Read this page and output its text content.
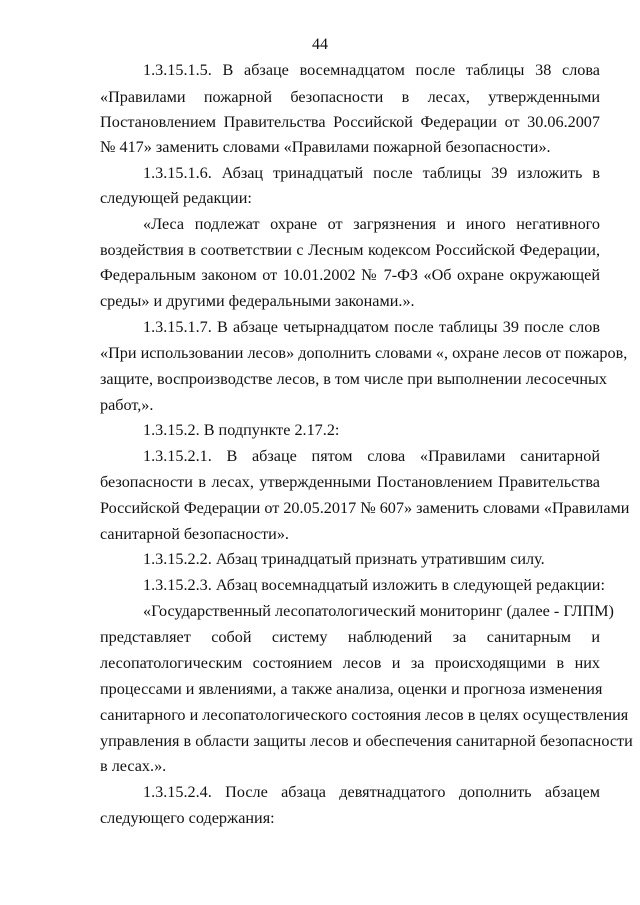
44
1.3.15.1.5. В абзаце восемнадцатом после таблицы 38 слова
«Правилами пожарной безопасности в лесах, утвержденными
Постановлением Правительства Российской Федерации от 30.06.2007
№ 417» заменить словами «Правилами пожарной безопасности».
1.3.15.1.6. Абзац тринадцатый после таблицы 39 изложить в
следующей редакции:
«Леса подлежат охране от загрязнения и иного негативного
воздействия в соответствии с Лесным кодексом Российской Федерации,
Федеральным законом от 10.01.2002 № 7-ФЗ «Об охране окружающей
среды» и другими федеральными законами.».
1.3.15.1.7. В абзаце четырнадцатом после таблицы 39 после слов
«При использовании лесов» дополнить словами «, охране лесов от пожаров,
защите, воспроизводстве лесов, в том числе при выполнении лесосечных
работ,».
1.3.15.2. В подпункте 2.17.2:
1.3.15.2.1. В абзаце пятом слова «Правилами санитарной
безопасности в лесах, утвержденными Постановлением Правительства
Российской Федерации от 20.05.2017 № 607» заменить словами «Правилами
санитарной безопасности».
1.3.15.2.2. Абзац тринадцатый признать утратившим силу.
1.3.15.2.3. Абзац восемнадцатый изложить в следующей редакции:
«Государственный лесопатологический мониторинг (далее - ГЛПМ)
представляет собой систему наблюдений за санитарным и
лесопатологическим состоянием лесов и за происходящими в них
процессами и явлениями, а также анализа, оценки и прогноза изменения
санитарного и лесопатологического состояния лесов в целях осуществления
управления в области защиты лесов и обеспечения санитарной безопасности
в лесах.».
1.3.15.2.4. После абзаца девятнадцатого дополнить абзацем
следующего содержания:
